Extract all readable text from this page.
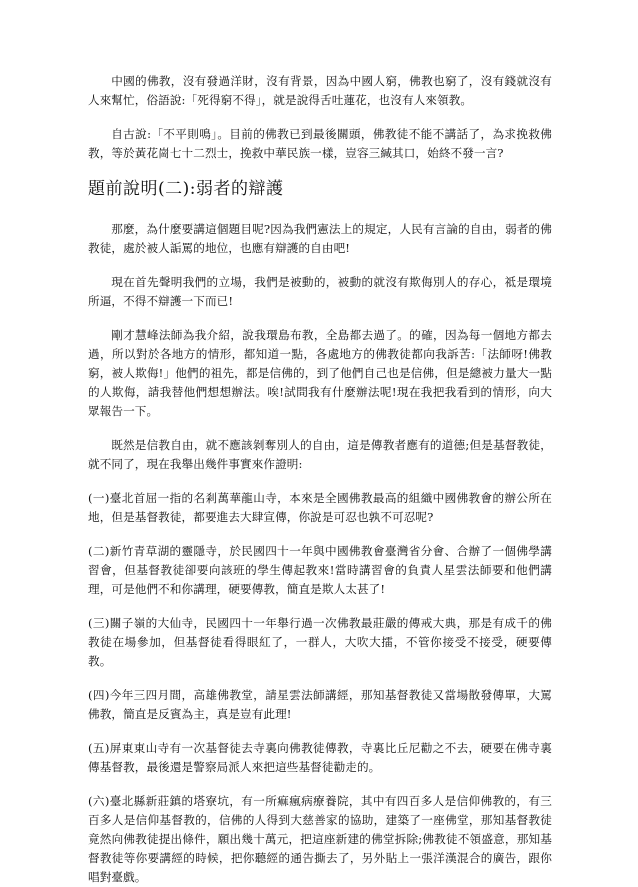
中國的佛教，沒有發過洋財，沒有背景，因為中國人窮，佛教也窮了，沒有錢就沒有人來幫忙，俗語說:「死得窮不得」，就是說得舌吐蓮花，也沒有人來領教。

自古說:「不平則鳴」。目前的佛教已到最後關頭，佛教徒不能不講話了，為求挽救佛教，等於黃花崗七十二烈士，挽救中華民族一樣，豈容三緘其口，始終不發一言?

題前說明(二):弱者的辯護

那麼，為什麼要講這個題目呢?因為我們憲法上的規定，人民有言論的自由，弱者的佛教徒，處於被人詬罵的地位，也應有辯護的自由吧!

現在首先聲明我們的立場，我們是被動的，被動的就沒有欺侮別人的存心，祗是環境所逼，不得不辯護一下而已!

剛才慧峰法師為我介紹，說我環島布教，全島都去過了。的確，因為每一個地方都去過，所以對於各地方的情形，都知道一點，各處地方的佛教徒都向我訴苦:「法師呀!佛教窮，被人欺侮!」他們的祖先，都是信佛的，到了他們自己也是信佛，但是總被力量大一點的人欺侮，請我替他們想想辦法。唉!試問我有什麼辦法呢!現在我把我看到的情形，向大眾報告一下。

既然是信教自由，就不應該剝奪別人的自由，這是傳教者應有的道德;但是基督教徒，就不同了，現在我舉出幾件事實來作證明:

(一)臺北首屈一指的名剎萬華龍山寺，本來是全國佛教最高的組織中國佛教會的辦公所在地，但是基督教徒，都要進去大肆宣傳，你說是可忍也孰不可忍呢?

(二)新竹青草湖的靈隱寺，於民國四十一年與中國佛教會臺灣省分會、合辦了一個佛學講習會，但基督教徒卻要向該班的學生傳起教來!當時講習會的負責人星雲法師要和他們講理，可是他們不和你講理，硬要傳教，簡直是欺人太甚了!

(三)關子嶺的大仙寺，民國四十一年舉行過一次佛教最莊嚴的傳戒大典，那是有成千的佛教徒在場參加，但基督徒看得眼紅了，一群人，大吹大擂，不管你接受不接受，硬要傳教。

(四)今年三四月間，高雄佛教堂，請星雲法師講經，那知基督教徒又當場散發傳單，大罵佛教，簡直是反賓為主，真是豈有此理!

(五)屏東東山寺有一次基督徒去寺裏向佛教徒傳教，寺裏比丘尼勸之不去，硬要在佛寺裏傳基督教，最後還是警察局派人來把這些基督徒勸走的。

(六)臺北縣新莊鎮的塔寮坑，有一所痲瘋病療養院，其中有四百多人是信仰佛教的，有三百多人是信仰基督教的，信佛的人得到大慈善家的協助，建築了一座佛堂，那知基督教徒竟然向佛教徒提出條件，願出幾十萬元，把這座新建的佛堂拆除;佛教徒不領盛意，那知基督教徒等你要講經的時候，把你聽經的通告撕去了，另外貼上一張洋漢混合的廣告，跟你唱對臺戲。
